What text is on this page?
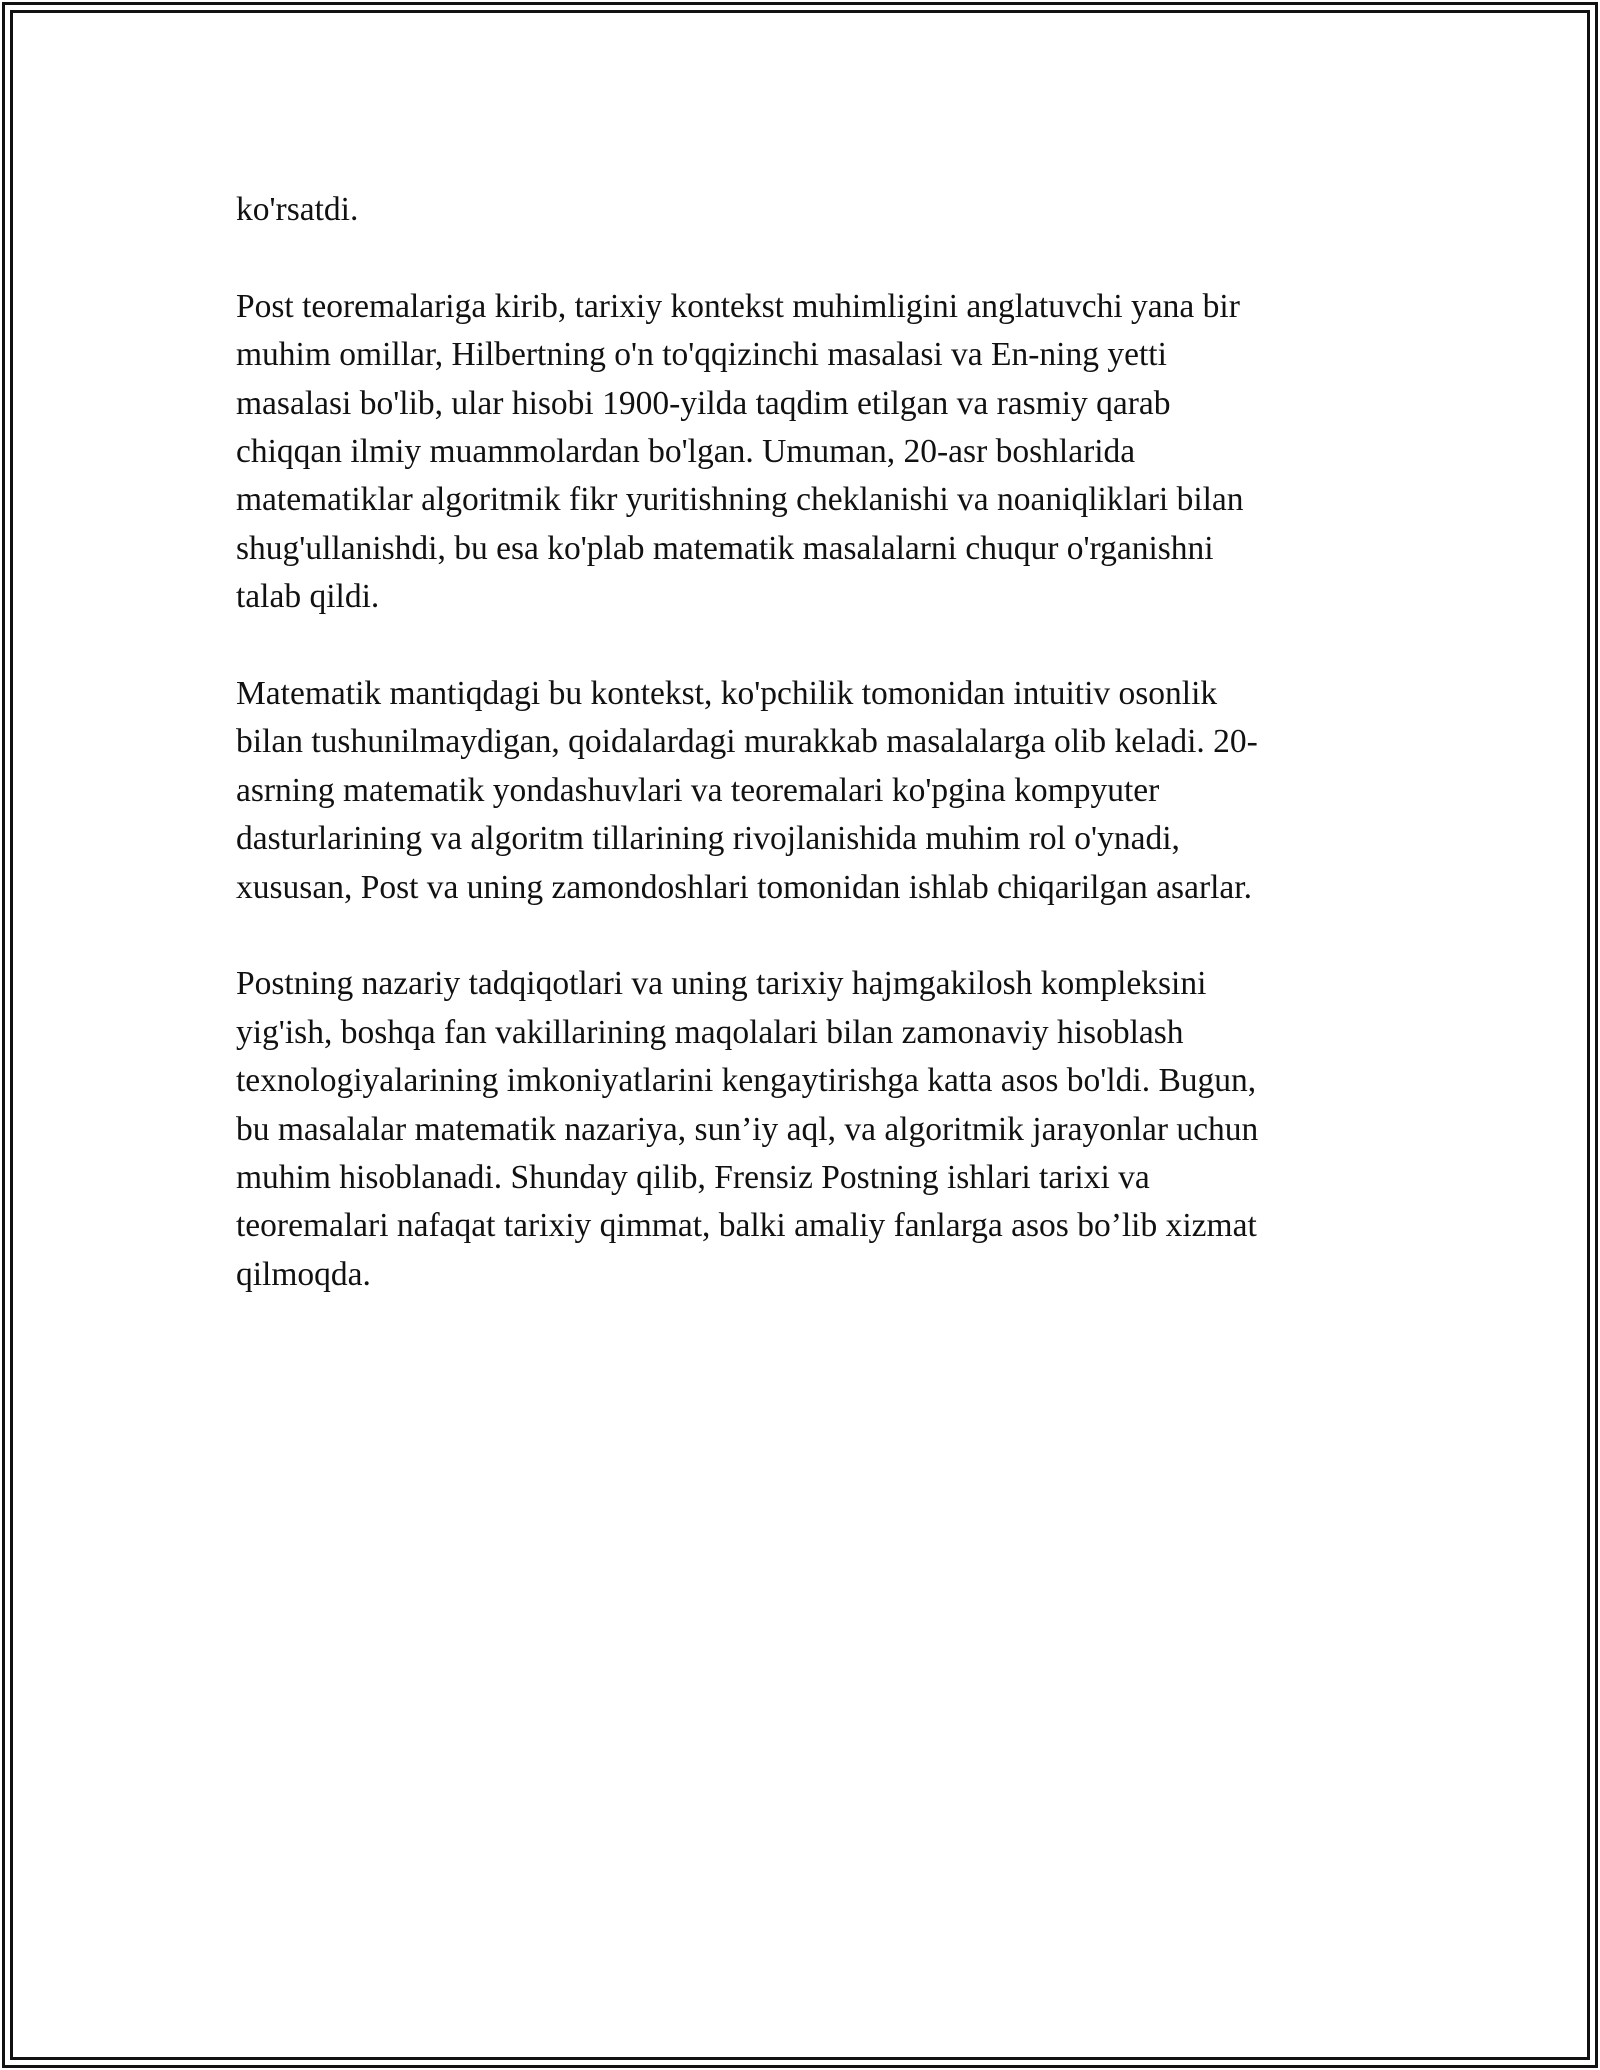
ko'rsatdi.

Post teoremalariga kirib, tarixiy kontekst muhimligini anglatuvchi yana bir
muhim omillar, Hilbertning o'n to'qqizinchi masalasi va En-ning yetti
masalasi bo'lib, ular hisobi 1900-yilda taqdim etilgan va rasmiy qarab
chiqqan ilmiy muammolardan bo'lgan. Umuman, 20-asr boshlarida
matematiklar algoritmik fikr yuritishning cheklanishi va noaniqliklari bilan
shug'ullanishdi, bu esa ko'plab matematik masalalarni chuqur o'rganishni
talab qildi.

Matematik mantiqdagi bu kontekst, ko'pchilik tomonidan intuitiv osonlik
bilan tushunilmaydigan, qoidalardagi murakkab masalalarga olib keladi. 20-
asrning matematik yondashuvlari va teoremalari ko'pgina kompyuter
dasturlarining va algoritm tillarining rivojlanishida muhim rol o'ynadi,
xususan, Post va uning zamondoshlari tomonidan ishlab chiqarilgan asarlar.

Postning nazariy tadqiqotlari va uning tarixiy hajmgakilosh kompleksini
yig'ish, boshqa fan vakillarining maqolalari bilan zamonaviy hisoblash
texnologiyalarining imkoniyatlarini kengaytirishga katta asos bo'ldi. Bugun,
bu masalalar matematik nazariya, sun’iy aql, va algoritmik jarayonlar uchun
muhim hisoblanadi. Shunday qilib, Frensiz Postning ishlari tarixi va
teoremalari nafaqat tarixiy qimmat, balki amaliy fanlarga asos bo’lib xizmat
qilmoqda.
